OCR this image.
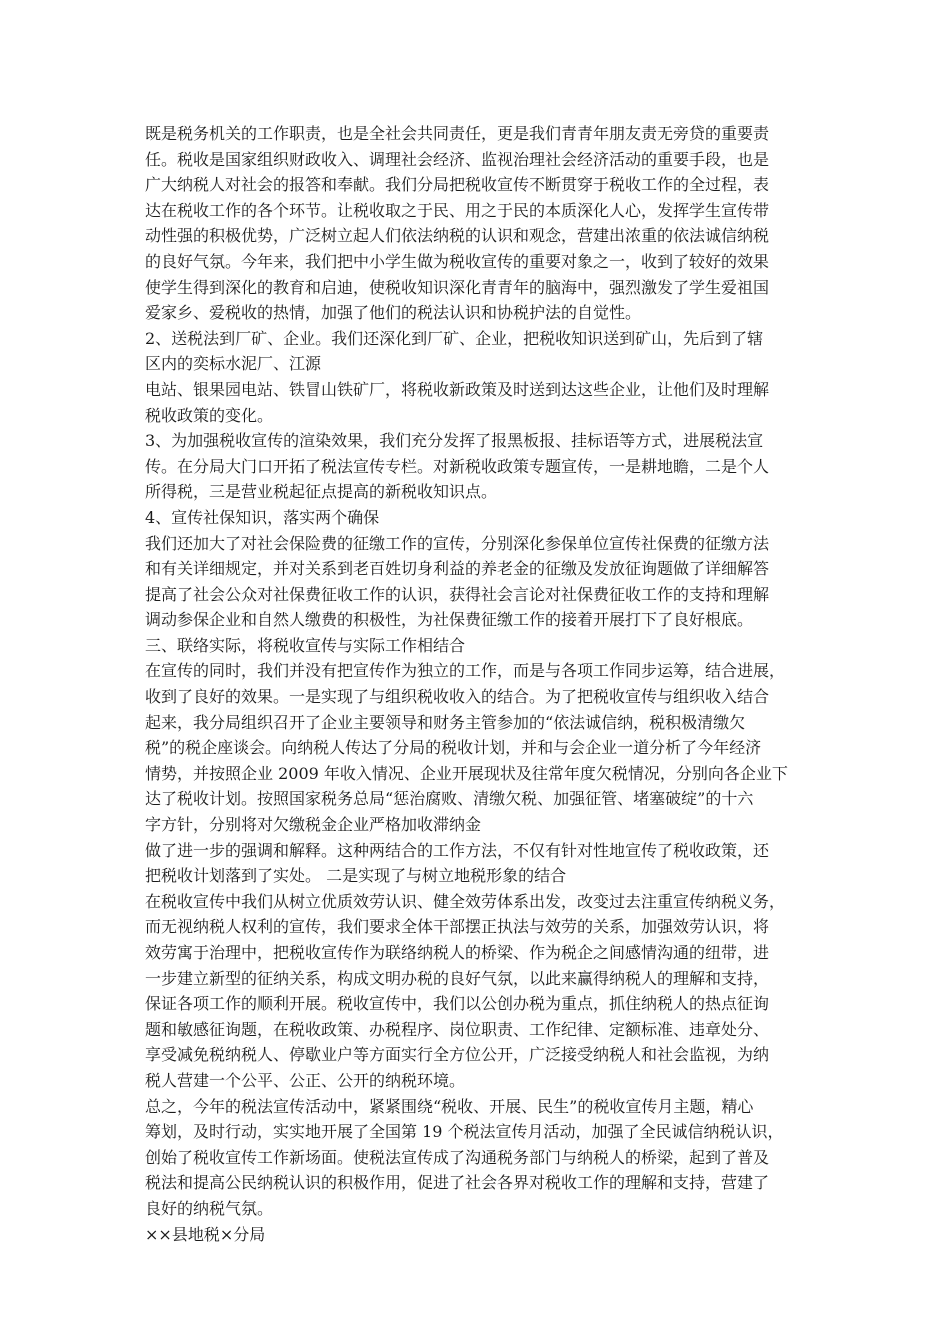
既是税务机关的工作职责，也是全社会共同责任，更是我们青青年朋友责无旁贷的重要责
任。税收是国家组织财政收入、调理社会经济、监视治理社会经济活动的重要手段，也是
广大纳税人对社会的报答和奉献。我们分局把税收宣传不断贯穿于税收工作的全过程，表
达在税收工作的各个环节。让税收取之于民、用之于民的本质深化人心，发挥学生宣传带
动性强的积极优势，广泛树立起人们依法纳税的认识和观念，营建出浓重的依法诚信纳税
的良好气氛。今年来，我们把中小学生做为税收宣传的重要对象之一，收到了较好的效果
使学生得到深化的教育和启迪，使税收知识深化青青年的脑海中，强烈激发了学生爱祖国
爱家乡、爱税收的热情，加强了他们的税法认识和协税护法的自觉性。
2、送税法到厂矿、企业。我们还深化到厂矿、企业，把税收知识送到矿山，先后到了辖
区内的奕标水泥厂、江源
电站、银果园电站、铁冒山铁矿厂，将税收新政策及时送到达这些企业，让他们及时理解
税收政策的变化。
3、为加强税收宣传的渲染效果，我们充分发挥了报黑板报、挂标语等方式，进展税法宣
传。在分局大门口开拓了税法宣传专栏。对新税收政策专题宣传，一是耕地瞻，二是个人
所得税，三是营业税起征点提高的新税收知识点。
4、宣传社保知识，落实两个确保
我们还加大了对社会保险费的征缴工作的宣传，分别深化参保单位宣传社保费的征缴方法
和有关详细规定，并对关系到老百姓切身利益的养老金的征缴及发放征询题做了详细解答
提高了社会公众对社保费征收工作的认识，获得社会言论对社保费征收工作的支持和理解
调动参保企业和自然人缴费的积极性，为社保费征缴工作的接着开展打下了良好根底。
三、联络实际，将税收宣传与实际工作相结合
在宣传的同时，我们并没有把宣传作为独立的工作，而是与各项工作同步运筹，结合进展，
收到了良好的效果。一是实现了与组织税收收入的结合。为了把税收宣传与组织收入结合
起来，我分局组织召开了企业主要领导和财务主管参加的“依法诚信纳，税积极清缴欠
税”的税企座谈会。向纳税人传达了分局的税收计划，并和与会企业一道分析了今年经济
情势，并按照企业 2009 年收入情况、企业开展现状及往常年度欠税情况，分别向各企业下
达了税收计划。按照国家税务总局“惩治腐败、清缴欠税、加强征管、堵塞破绽”的十六
字方针，分别将对欠缴税金企业严格加收滞纳金
做了进一步的强调和解释。这种两结合的工作方法，不仅有针对性地宣传了税收政策，还
把税收计划落到了实处。 二是实现了与树立地税形象的结合
在税收宣传中我们从树立优质效劳认识、健全效劳体系出发，改变过去注重宣传纳税义务，
而无视纳税人权利的宣传，我们要求全体干部摆正执法与效劳的关系，加强效劳认识，将
效劳寓于治理中，把税收宣传作为联络纳税人的桥梁、作为税企之间感情沟通的纽带，进
一步建立新型的征纳关系，构成文明办税的良好气氛，以此来赢得纳税人的理解和支持，
保证各项工作的顺利开展。税收宣传中，我们以公创办税为重点，抓住纳税人的热点征询
题和敏感征询题，在税收政策、办税程序、岗位职责、工作纪律、定额标准、违章处分、
享受减免税纳税人、停歇业户等方面实行全方位公开，广泛接受纳税人和社会监视，为纳
税人营建一个公平、公正、公开的纳税环境。
总之，今年的税法宣传活动中，紧紧围绕“税收、开展、民生”的税收宣传月主题，精心
筹划，及时行动，实实地开展了全国第 19 个税法宣传月活动，加强了全民诚信纳税认识，
创始了税收宣传工作新场面。使税法宣传成了沟通税务部门与纳税人的桥梁，起到了普及
税法和提高公民纳税认识的积极作用，促进了社会各界对税收工作的理解和支持，营建了
良好的纳税气氛。
××县地税×分局
